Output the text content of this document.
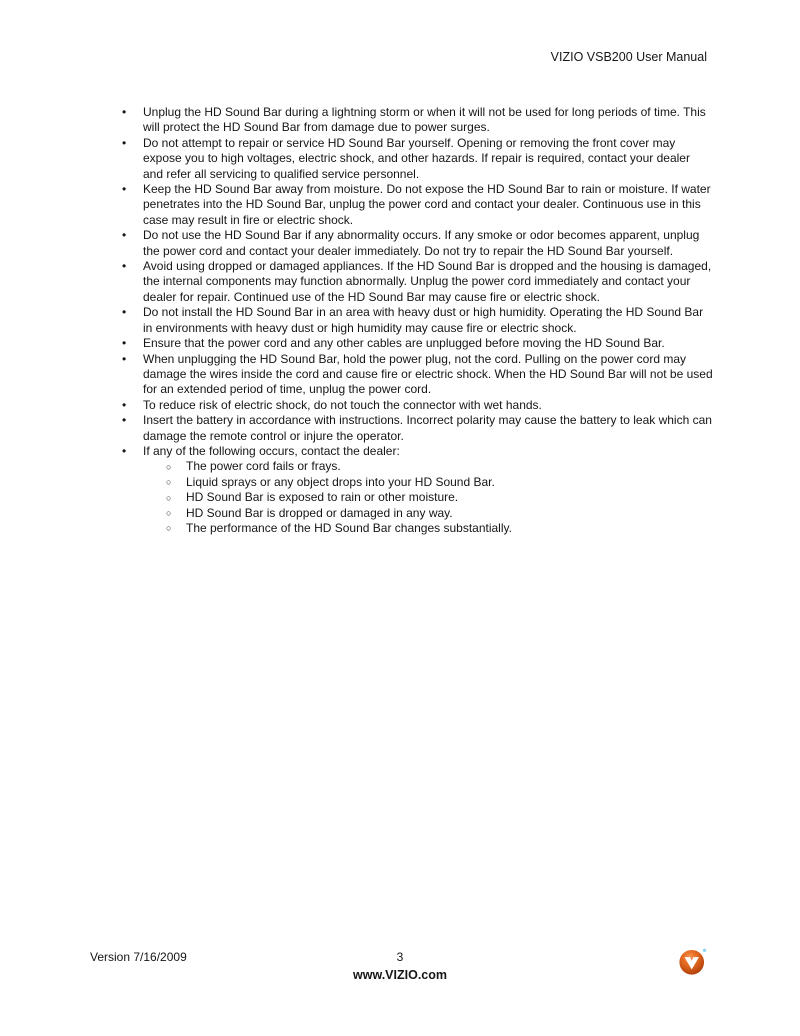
VIZIO VSB200 User Manual
• Unplug the HD Sound Bar during a lightning storm or when it will not be used for long periods of time. This will protect the HD Sound Bar from damage due to power surges.
• Do not attempt to repair or service HD Sound Bar yourself. Opening or removing the front cover may expose you to high voltages, electric shock, and other hazards. If repair is required, contact your dealer and refer all servicing to qualified service personnel.
• Keep the HD Sound Bar away from moisture. Do not expose the HD Sound Bar to rain or moisture. If water penetrates into the HD Sound Bar, unplug the power cord and contact your dealer. Continuous use in this case may result in fire or electric shock.
• Do not use the HD Sound Bar if any abnormality occurs. If any smoke or odor becomes apparent, unplug the power cord and contact your dealer immediately. Do not try to repair the HD Sound Bar yourself.
• Avoid using dropped or damaged appliances. If the HD Sound Bar is dropped and the housing is damaged, the internal components may function abnormally. Unplug the power cord immediately and contact your dealer for repair. Continued use of the HD Sound Bar may cause fire or electric shock.
• Do not install the HD Sound Bar in an area with heavy dust or high humidity. Operating the HD Sound Bar in environments with heavy dust or high humidity may cause fire or electric shock.
• Ensure that the power cord and any other cables are unplugged before moving the HD Sound Bar.
• When unplugging the HD Sound Bar, hold the power plug, not the cord. Pulling on the power cord may damage the wires inside the cord and cause fire or electric shock. When the HD Sound Bar will not be used for an extended period of time, unplug the power cord.
• To reduce risk of electric shock, do not touch the connector with wet hands.
• Insert the battery in accordance with instructions. Incorrect polarity may cause the battery to leak which can damage the remote control or injure the operator.
• If any of the following occurs, contact the dealer:
○ The power cord fails or frays.
○ Liquid sprays or any object drops into your HD Sound Bar.
○ HD Sound Bar is exposed to rain or other moisture.
○ HD Sound Bar is dropped or damaged in any way.
○ The performance of the HD Sound Bar changes substantially.
Version 7/16/2009	3
www.VIZIO.com
